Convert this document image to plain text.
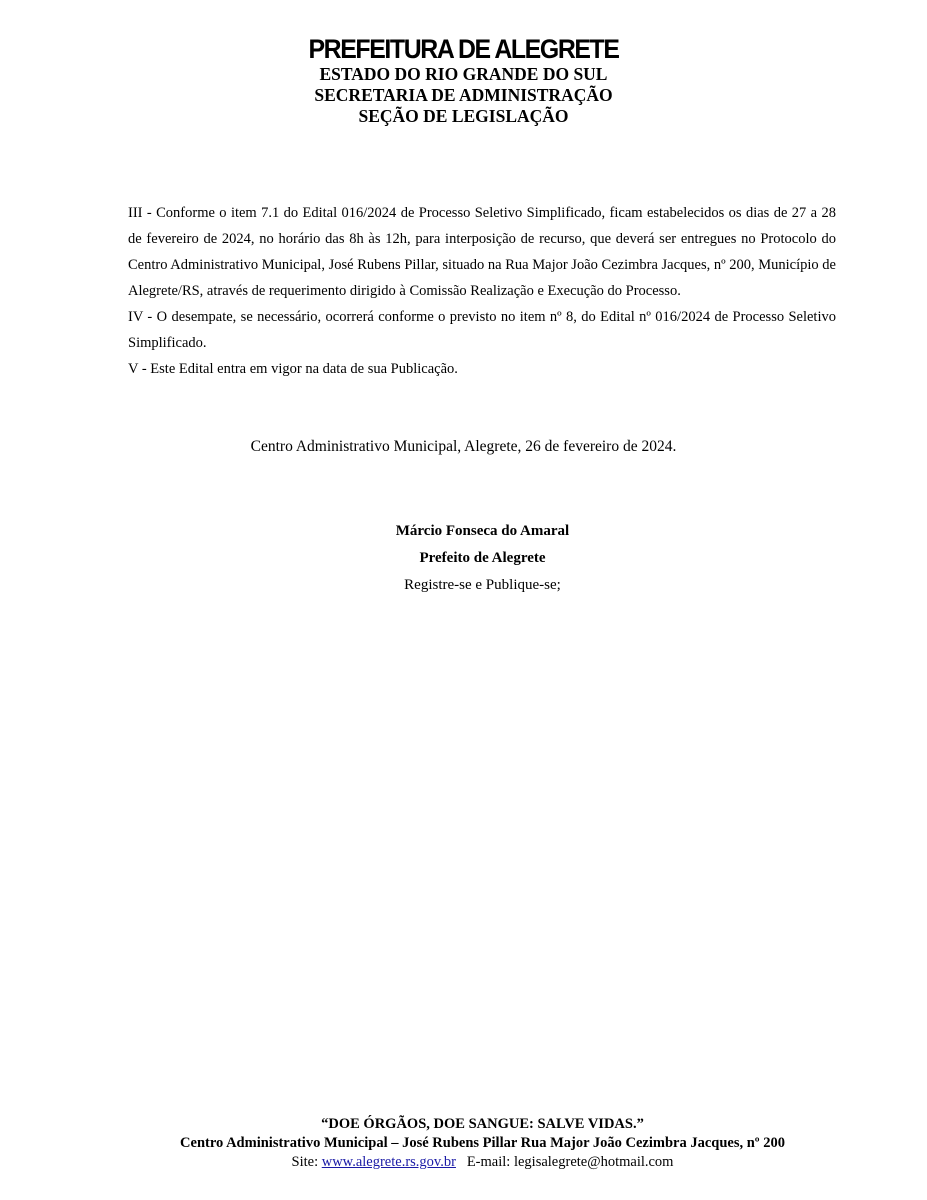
PREFEITURA DE ALEGRETE
ESTADO DO RIO GRANDE DO SUL
SECRETARIA DE ADMINISTRAÇÃO
SEÇÃO DE LEGISLAÇÃO

III - Conforme o item 7.1 do Edital 016/2024 de Processo Seletivo Simplificado, ficam estabelecidos os dias de 27 a 28 de fevereiro de 2024, no horário das 8h às 12h, para interposição de recurso, que deverá ser entregues no Protocolo do Centro Administrativo Municipal, José Rubens Pillar, situado na Rua Major João Cezimbra Jacques, nº 200, Município de Alegrete/RS, através de requerimento dirigido à Comissão Realização e Execução do Processo.

IV - O desempate, se necessário, ocorrerá conforme o previsto no item nº 8, do Edital nº 016/2024 de Processo Seletivo Simplificado.

V - Este Edital entra em vigor na data de sua Publicação.

Centro Administrativo Municipal, Alegrete, 26 de fevereiro de 2024.
Márcio Fonseca do Amaral
Prefeito de Alegrete
Registre-se e Publique-se;
“DOE ÓRGÃOS, DOE SANGUE: SALVE VIDAS.”
Centro Administrativo Municipal – José Rubens Pillar Rua Major João Cezimbra Jacques, nº 200
Site: www.alegrete.rs.gov.br E-mail: legisalegrete@hotmail.com
